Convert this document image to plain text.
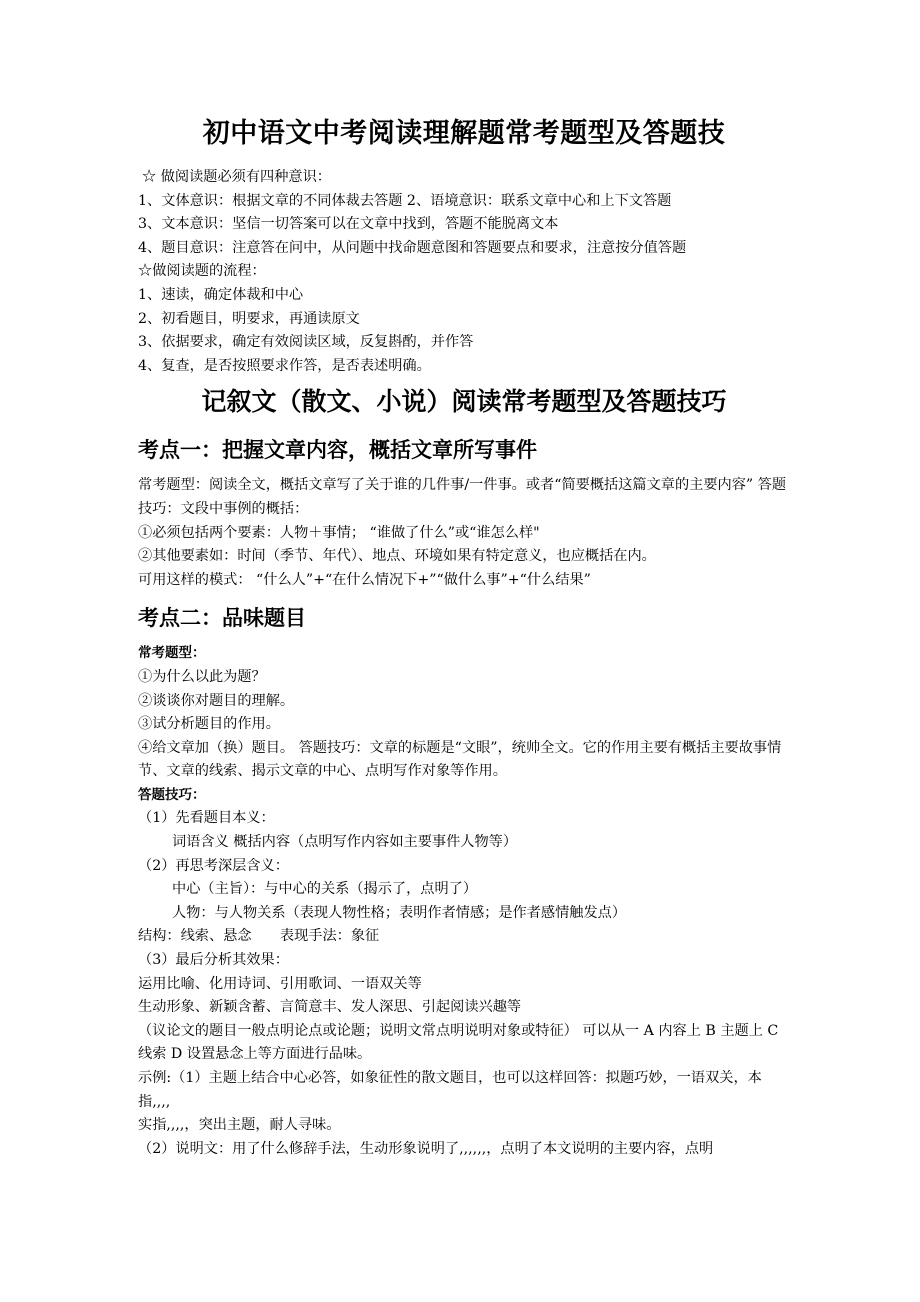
初中语文中考阅读理解题常考题型及答题技
☆ 做阅读题必须有四种意识：
1、文体意识：根据文章的不同体裁去答题 2、语境意识：联系文章中心和上下文答题
3、文本意识：坚信一切答案可以在文章中找到，答题不能脱离文本
4、题目意识：注意答在问中，从问题中找命题意图和答题要点和要求，注意按分值答题
☆做阅读题的流程：
1、速读，确定体裁和中心
2、初看题目，明要求，再通读原文
3、依据要求，确定有效阅读区域，反复斟酌，并作答
4、复查，是否按照要求作答，是否表述明确。
记叙文（散文、小说）阅读常考题型及答题技巧
考点一：把握文章内容，概括文章所写事件
常考题型：阅读全文，概括文章写了关于谁的几件事/一件事。或者“简要概括这篇文章的主要内容” 答题技巧：文段中事例的概括：
①必须包括两个要素：人物＋事情； “谁做了什么”或“谁怎么样"
②其他要素如：时间（季节、年代）、地点、环境如果有特定意义，也应概括在内。
可用这样的模式： “什么人”+“在什么情况下+”“做什么事”+“什么结果”
考点二：品味题目
常考题型：
①为什么以此为题？
②谈谈你对题目的理解。
③试分析题目的作用。
④给文章加（换）题目。 答题技巧：文章的标题是“文眼”，统帅全文。它的作用主要有概括主要故事情节、文章的线索、揭示文章的中心、点明写作对象等作用。
答题技巧：
（1）先看题目本义：
词语含义 概括内容（点明写作内容如主要事件人物等）
（2）再思考深层含义：
中心（主旨）：与中心的关系（揭示了，点明了）
人物：与人物关系（表现人物性格；表明作者情感；是作者感情触发点）
结构：线索、悬念　　表现手法：象征
（3）最后分析其效果：
运用比喻、化用诗词、引用歌词、一语双关等
生动形象、新颖含蓄、言简意丰、发人深思、引起阅读兴趣等
（议论文的题目一般点明论点或论题；说明文常点明说明对象或特征） 可以从一 A 内容上 B 主题上 C 线索 D 设置悬念上等方面进行品味。
示例:（1）主题上结合中心必答，如象征性的散文题目，也可以这样回答：拟题巧妙，一语双关，本指,,,,
实指,,,,，突出主题，耐人寻味。
（2）说明文：用了什么修辞手法，生动形象说明了,,,,,,，点明了本文说明的主要内容，点明
